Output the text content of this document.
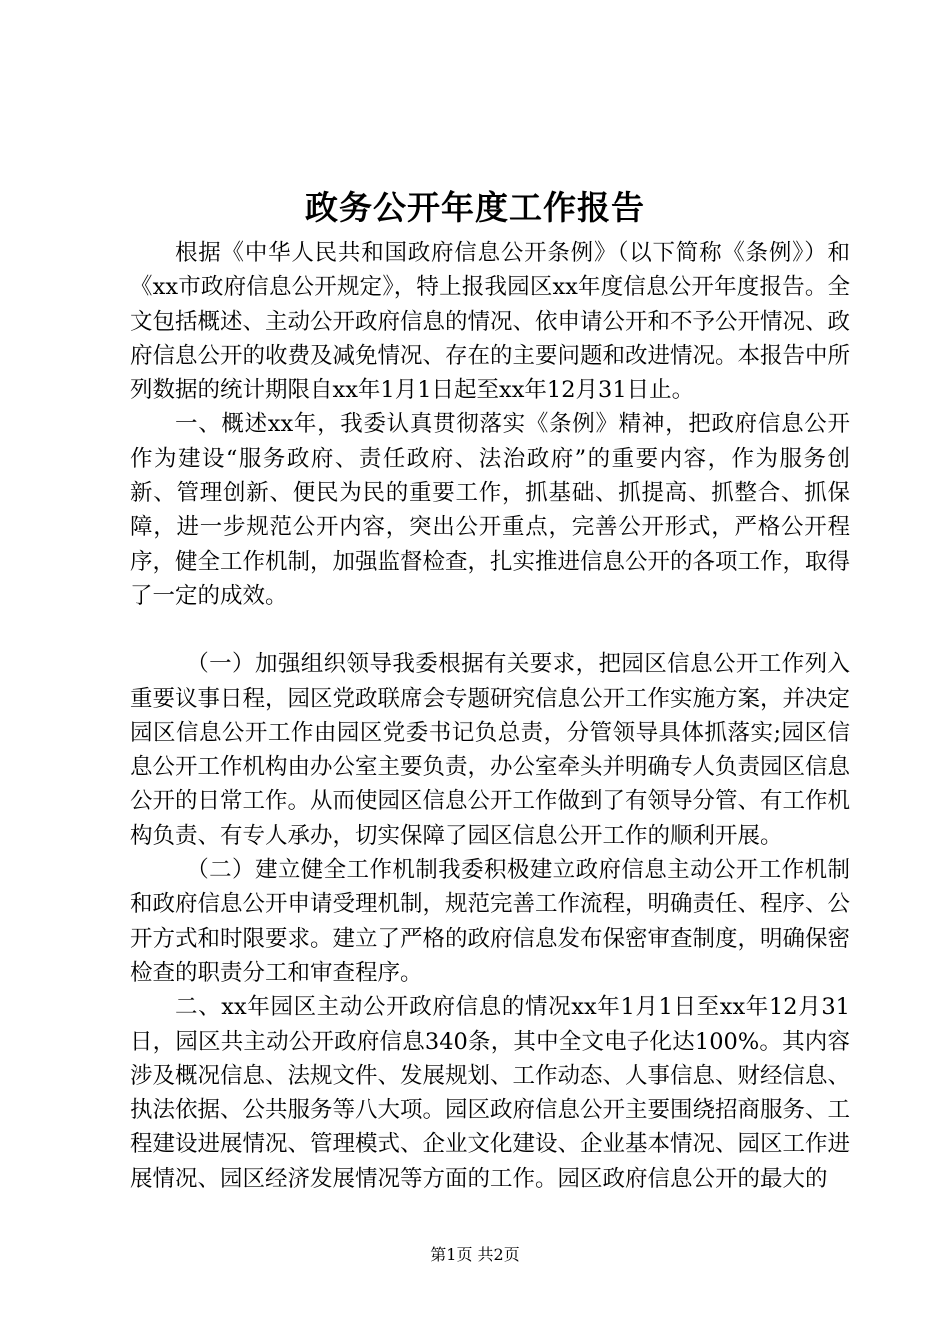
政务公开年度工作报告

根据《中华人民共和国政府信息公开条例》（以下简称《条例》）和《xx市政府信息公开规定》，特上报我园区xx年度信息公开年度报告。全文包括概述、主动公开政府信息的情况、依申请公开和不予公开情况、政府信息公开的收费及减免情况、存在的主要问题和改进情况。本报告中所列数据的统计期限自xx年1月1日起至xx年12月31日止。

一、概述xx年，我委认真贯彻落实《条例》精神，把政府信息公开作为建设“服务政府、责任政府、法治政府”的重要内容，作为服务创新、管理创新、便民为民的重要工作，抓基础、抓提高、抓整合、抓保障，进一步规范公开内容，突出公开重点，完善公开形式，严格公开程序，健全工作机制，加强监督检查，扎实推进信息公开的各项工作，取得了一定的成效。

（一）加强组织领导我委根据有关要求，把园区信息公开工作列入重要议事日程，园区党政联席会专题研究信息公开工作实施方案，并决定园区信息公开工作由园区党委书记负总责，分管领导具体抓落实;园区信息公开工作机构由办公室主要负责，办公室牵头并明确专人负责园区信息公开的日常工作。从而使园区信息公开工作做到了有领导分管、有工作机构负责、有专人承办，切实保障了园区信息公开工作的顺利开展。

（二）建立健全工作机制我委积极建立政府信息主动公开工作机制和政府信息公开申请受理机制，规范完善工作流程，明确责任、程序、公开方式和时限要求。建立了严格的政府信息发布保密审查制度，明确保密检查的职责分工和审查程序。

二、xx年园区主动公开政府信息的情况xx年1月1日至xx年12月31日，园区共主动公开政府信息340条，其中全文电子化达100%。其内容涉及概况信息、法规文件、发展规划、工作动态、人事信息、财经信息、执法依据、公共服务等八大项。园区政府信息公开主要围绕招商服务、工程建设进展情况、管理模式、企业文化建设、企业基本情况、园区工作进展情况、园区经济发展情况等方面的工作。园区政府信息公开的最大的

第1页 共2页
